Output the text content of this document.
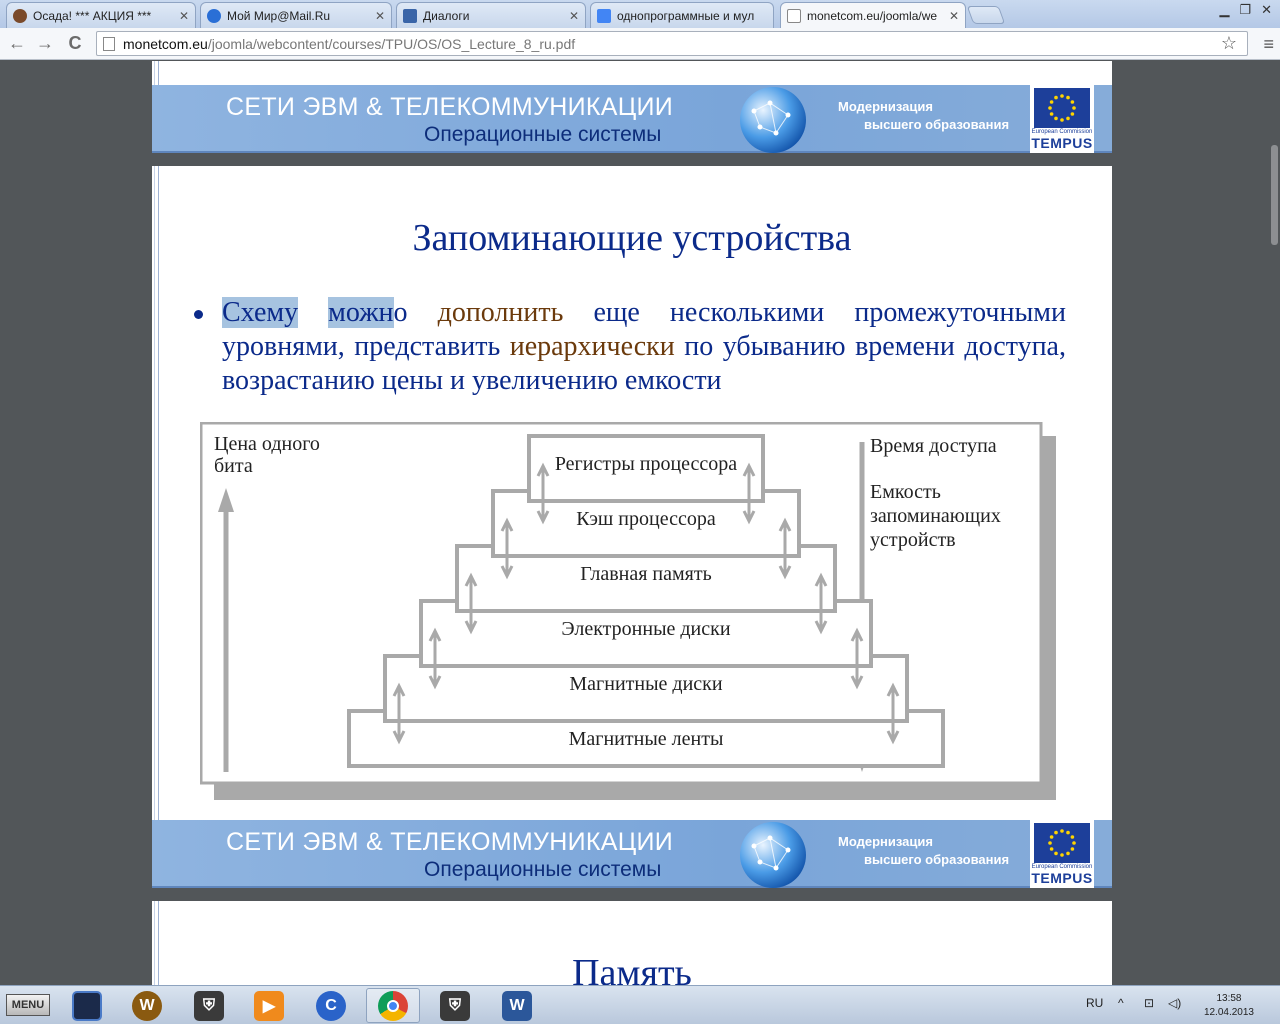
Осада! *** АКЦИЯ ***	✕	Мой Мир@Mail.Ru	✕	Диалоги	✕	однопрограммные и мул	monetcom.eu/joomla/we ✕	▁ ❐ ✕
← → C	monetcom.eu /joomla/webcontent/courses/TPU/OS/OS_Lecture_8_ru.pdf	☆ ≡
СЕТИ ЭВМ & ТЕЛЕКОММУНИКАЦИИ
Операционные системы
Модернизация
высшего образования	European Commission
TEMPUS
Запоминающие устройства
Схему можно дополнить еще несколькими промежуточными уровнями, представить иерархически по убыванию времени доступа, возрастанию цены и увеличению емкости
Цена одного
бита
Время доступа
Емкость
запоминающих
устройств
Магнитные ленты
Магнитные диски
Электронные диски
Главная память
Кэш процессора
Регистры процессора
СЕТИ ЭВМ & ТЕЛЕКОММУНИКАЦИИ
Операционные системы
Модернизация
высшего образования	European Commission
TEMPUS
Память
MENU	W	⛨	▶	C	⛨	W	RU ^ ⊡ ◁)	13:58
12.04.2013
